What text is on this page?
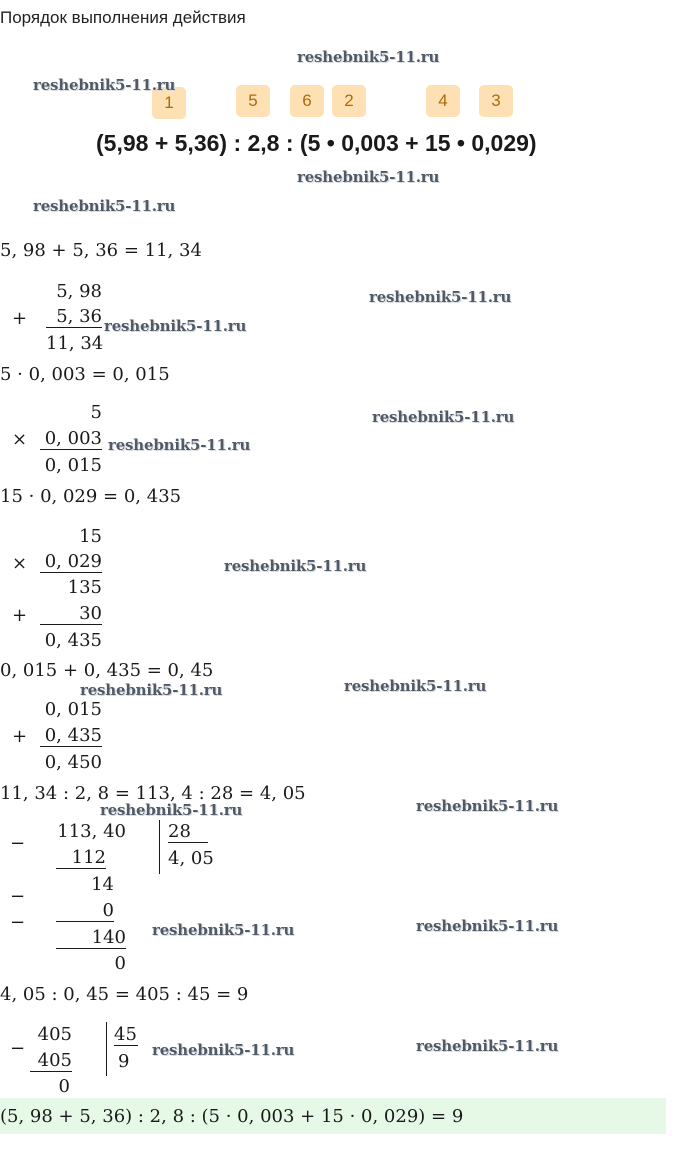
Порядок выполнения действия
1	5	6	2	4	3
(5,98 + 5,36) : 2,8 : (5 • 0,003 + 15 • 0,029)
5, 98 + 5, 36 = 11, 34
+
5, 98
5, 36
11, 34
5 · 0, 003 = 0, 015
5
× 0, 003
0, 015
15 · 0, 029 = 0, 435
15
× 0, 029
135
+	30
0, 435
0, 015 + 0, 435 = 0, 45
0, 015
+ 0, 435
0, 450
11, 34 : 2, 8 = 113, 4 : 28 = 4, 05
−
113, 40 28
4, 05
112
14
−
0
−
140
0
4, 05 : 0, 45 = 405 : 45 = 9
−
405 45
9
405
0
(5, 98 + 5, 36) : 2, 8 : (5 · 0, 003 + 15 · 0, 029) = 9
reshebnik5-11.ru
reshebnik5-11.ru
reshebnik5-11.ru
reshebnik5-11.ru
reshebnik5-11.ru
reshebnik5-11.ru
reshebnik5-11.ru
reshebnik5-11.ru
reshebnik5-11.ru
reshebnik5-11.ru	reshebnik5-11.ru
reshebnik5-11.ru	reshebnik5-11.ru
reshebnik5-11.ru	reshebnik5-11.ru
reshebnik5-11.ru	reshebnik5-11.ru
